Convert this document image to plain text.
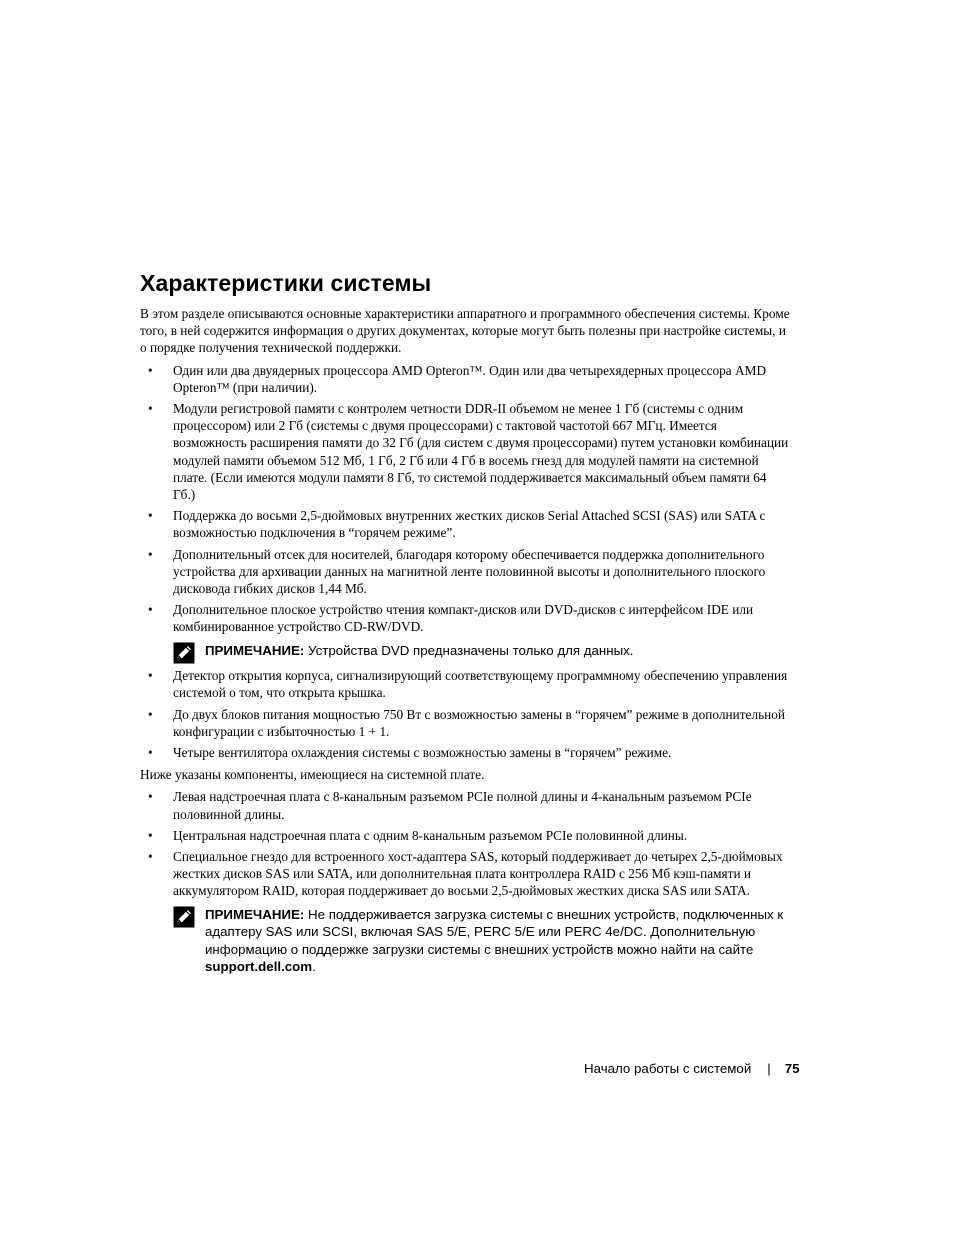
Характеристики системы

В этом разделе описываются основные характеристики аппаратного и программного обеспечения системы. Кроме того, в ней содержится информация о других документах, которые могут быть полезны при настройке системы, и о порядке получения технической поддержки.

• Один или два двуядерных процессора AMD Opteron™. Один или два четырехядерных процессора AMD Opteron™ (при наличии).
• Модули регистровой памяти с контролем четности DDR-II объемом не менее 1 Гб (системы с одним процессором) или 2 Гб (системы с двумя процессорами) с тактовой частотой 667 МГц. Имеется возможность расширения памяти до 32 Гб (для систем с двумя процессорами) путем установки комбинации модулей памяти объемом 512 Мб, 1 Гб, 2 Гб или 4 Гб в восемь гнезд для модулей памяти на системной плате. (Если имеются модули памяти 8 Гб, то системой поддерживается максимальный объем памяти 64 Гб.)
• Поддержка до восьми 2,5-дюймовых внутренних жестких дисков Serial Attached SCSI (SAS) или SATA с возможностью подключения в “горячем режиме”.
• Дополнительный отсек для носителей, благодаря которому обеспечивается поддержка дополнительного устройства для архивации данных на магнитной ленте половинной высоты и дополнительного плоского дисковода гибких дисков 1,44 Мб.
• Дополнительное плоское устройство чтения компакт-дисков или DVD-дисков с интерфейсом IDE или комбинированное устройство CD-RW/DVD.
ПРИМЕЧАНИЕ: Устройства DVD предназначены только для данных.
• Детектор открытия корпуса, сигнализирующий соответствующему программному обеспечению управления системой о том, что открыта крышка.
• До двух блоков питания мощностью 750 Вт с возможностью замены в “горячем” режиме в дополнительной конфигурации с избыточностью 1 + 1.
• Четыре вентилятора охлаждения системы с возможностью замены в “горячем” режиме.

Ниже указаны компоненты, имеющиеся на системной плате.

• Левая надстроечная плата с 8-канальным разъемом PCIe полной длины и 4-канальным разъемом PCIe половинной длины.
• Центральная надстроечная плата с одним 8-канальным разъемом PCIe половинной длины.
• Специальное гнездо для встроенного хост-адаптера SAS, который поддерживает до четырех 2,5-дюймовых жестких дисков SAS или SATA, или дополнительная плата контроллера RAID с 256 Мб кэш-памяти и аккумулятором RAID, которая поддерживает до восьми 2,5-дюймовых жестких диска SAS или SATA.
ПРИМЕЧАНИЕ: Не поддерживается загрузка системы с внешних устройств, подключенных к адаптеру SAS или SCSI, включая SAS 5/E, PERC 5/E или PERC 4e/DC. Дополнительную информацию о поддержке загрузки системы с внешних устройств можно найти на сайте support.dell.com.
Начало работы с системой | 75
